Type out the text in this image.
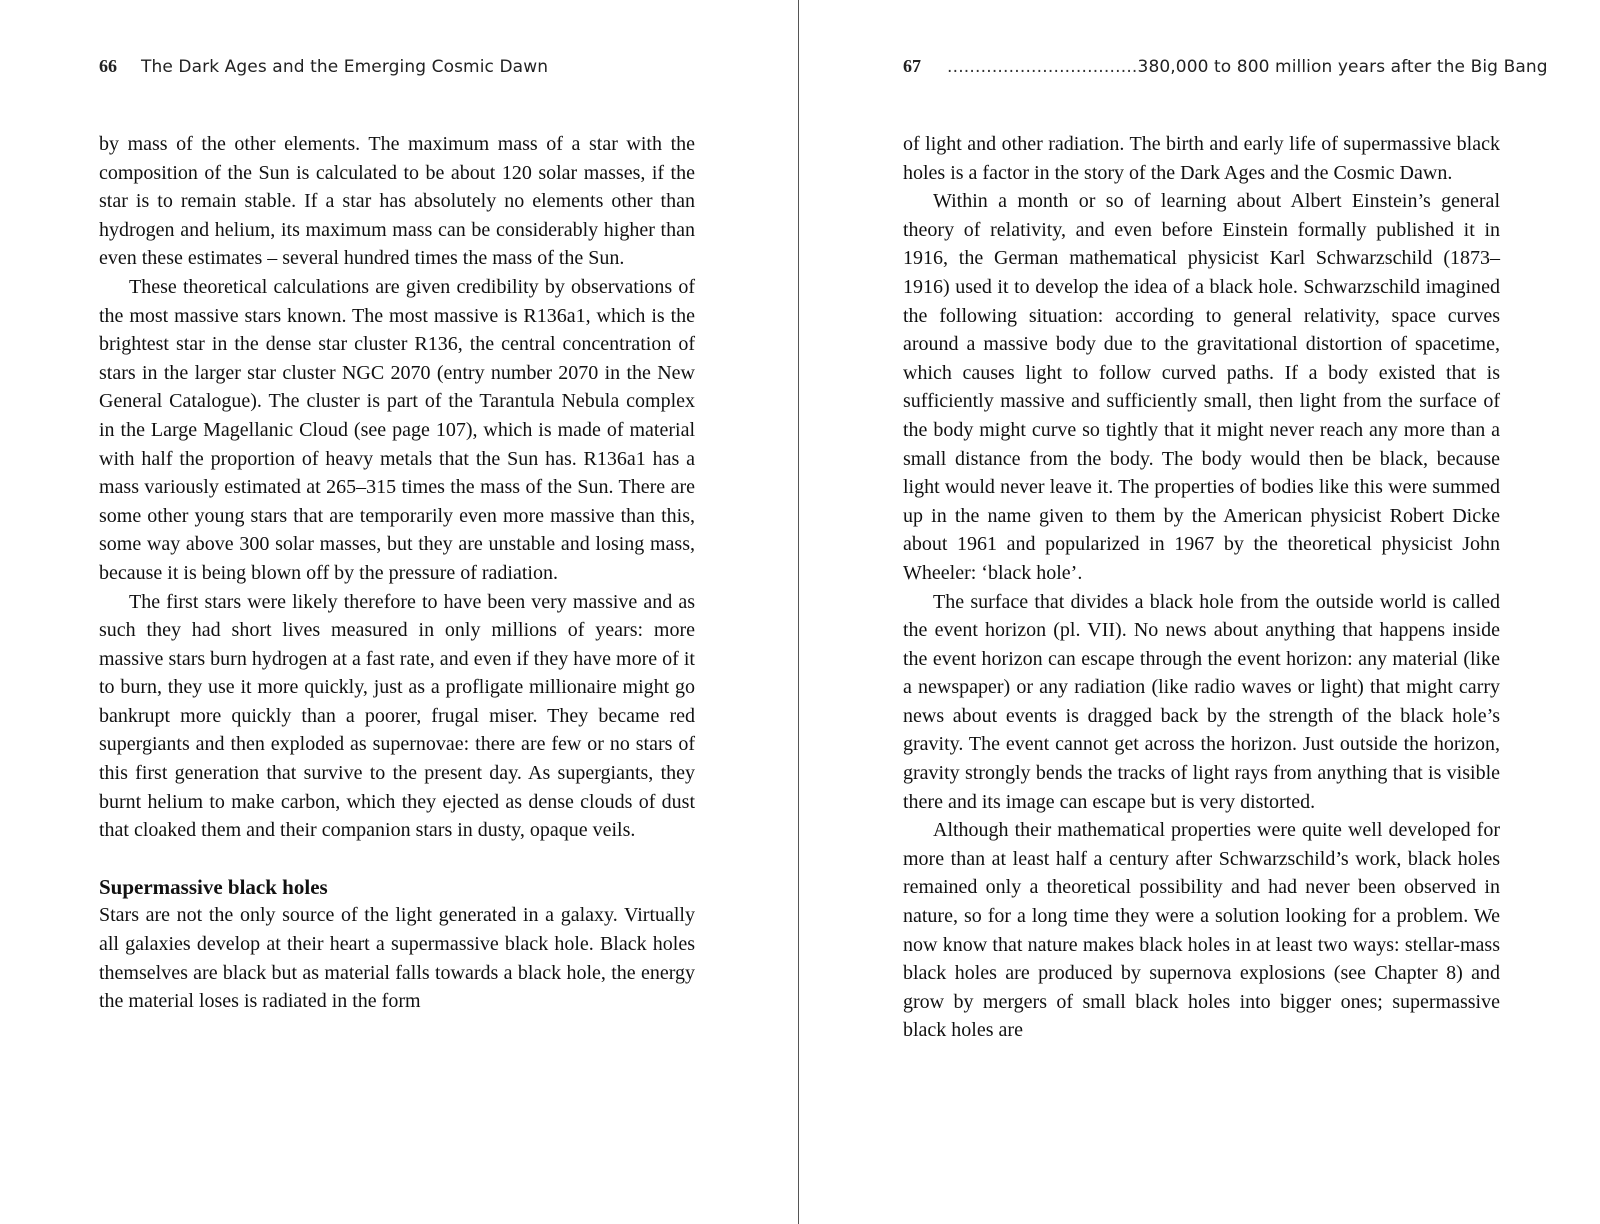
66 The Dark Ages and the Emerging Cosmic Dawn

by mass of the other elements. The maximum mass of a star with the composition of the Sun is calculated to be about 120 solar masses, if the star is to remain stable. If a star has absolutely no elements other than hydrogen and helium, its maximum mass can be considerably higher than even these estimates – several hundred times the mass of the Sun.

These theoretical calculations are given credibility by observations of the most massive stars known. The most massive is R136a1, which is the brightest star in the dense star cluster R136, the central concentration of stars in the larger star cluster NGC 2070 (entry number 2070 in the New General Catalogue). The cluster is part of the Tarantula Nebula complex in the Large Magellanic Cloud (see page 107), which is made of material with half the proportion of heavy metals that the Sun has. R136a1 has a mass variously estimated at 265–315 times the mass of the Sun. There are some other young stars that are temporarily even more massive than this, some way above 300 solar masses, but they are unstable and losing mass, because it is being blown off by the pressure of radiation.

The first stars were likely therefore to have been very massive and as such they had short lives measured in only millions of years: more massive stars burn hydrogen at a fast rate, and even if they have more of it to burn, they use it more quickly, just as a profligate millionaire might go bankrupt more quickly than a poorer, frugal miser. They became red supergiants and then exploded as supernovae: there are few or no stars of this first generation that survive to the present day. As supergiants, they burnt helium to make carbon, which they ejected as dense clouds of dust that cloaked them and their companion stars in dusty, opaque veils.

Supermassive black holes

Stars are not the only source of the light generated in a galaxy. Virtually all galaxies develop at their heart a supermassive black hole. Black holes themselves are black but as material falls towards a black hole, the energy the material loses is radiated in the form

67 .................................. 380,000 to 800 million years after the Big Bang

of light and other radiation. The birth and early life of supermassive black holes is a factor in the story of the Dark Ages and the Cosmic Dawn.

Within a month or so of learning about Albert Einstein’s general theory of relativity, and even before Einstein formally published it in 1916, the German mathematical physicist Karl Schwarzschild (1873–1916) used it to develop the idea of a black hole. Schwarzschild imagined the following situation: according to general relativity, space curves around a massive body due to the gravitational distortion of spacetime, which causes light to follow curved paths. If a body existed that is sufficiently massive and sufficiently small, then light from the surface of the body might curve so tightly that it might never reach any more than a small distance from the body. The body would then be black, because light would never leave it. The properties of bodies like this were summed up in the name given to them by the American physicist Robert Dicke about 1961 and popularized in 1967 by the theoretical physicist John Wheeler: ‘black hole’.

The surface that divides a black hole from the outside world is called the event horizon (pl. VII). No news about anything that happens inside the event horizon can escape through the event horizon: any material (like a newspaper) or any radiation (like radio waves or light) that might carry news about events is dragged back by the strength of the black hole’s gravity. The event cannot get across the horizon. Just outside the horizon, gravity strongly bends the tracks of light rays from anything that is visible there and its image can escape but is very distorted.

Although their mathematical properties were quite well developed for more than at least half a century after Schwarzschild’s work, black holes remained only a theoretical possibility and had never been observed in nature, so for a long time they were a solution looking for a problem. We now know that nature makes black holes in at least two ways: stellar-mass black holes are produced by supernova explosions (see Chapter 8) and grow by mergers of small black holes into bigger ones; supermassive black holes are
